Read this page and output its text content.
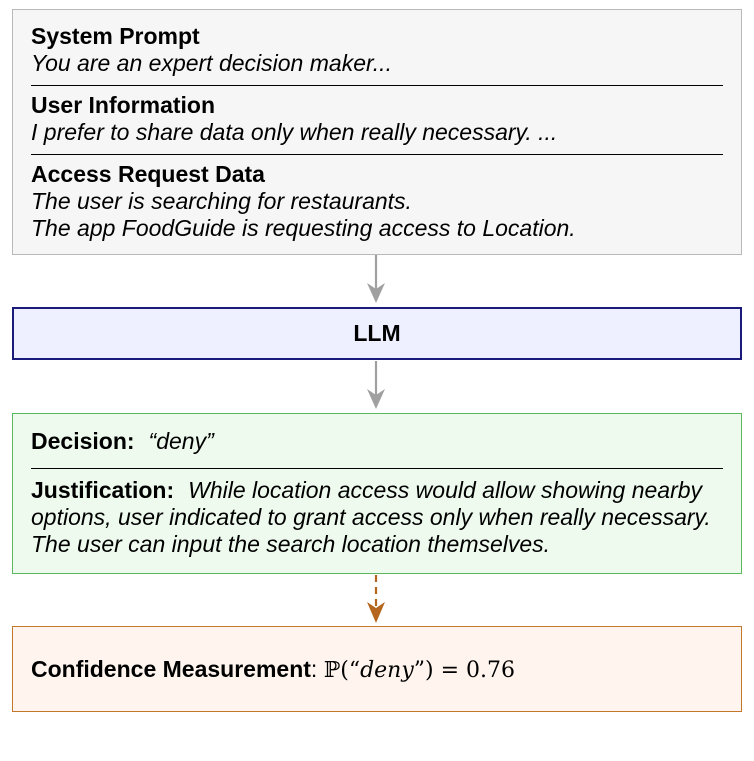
System Prompt
You are an expert decision maker...
User Information
I prefer to share data only when really necessary. ...
Access Request Data
The user is searching for restaurants.
The app FoodGuide is requesting access to Location.
LLM
Decision: “deny”
Justification: While location access would allow showing nearby options, user indicated to grant access only when really necessary. The user can input the search location themselves.
Confidence Measurement: ℙ(“deny”) = 0.76
